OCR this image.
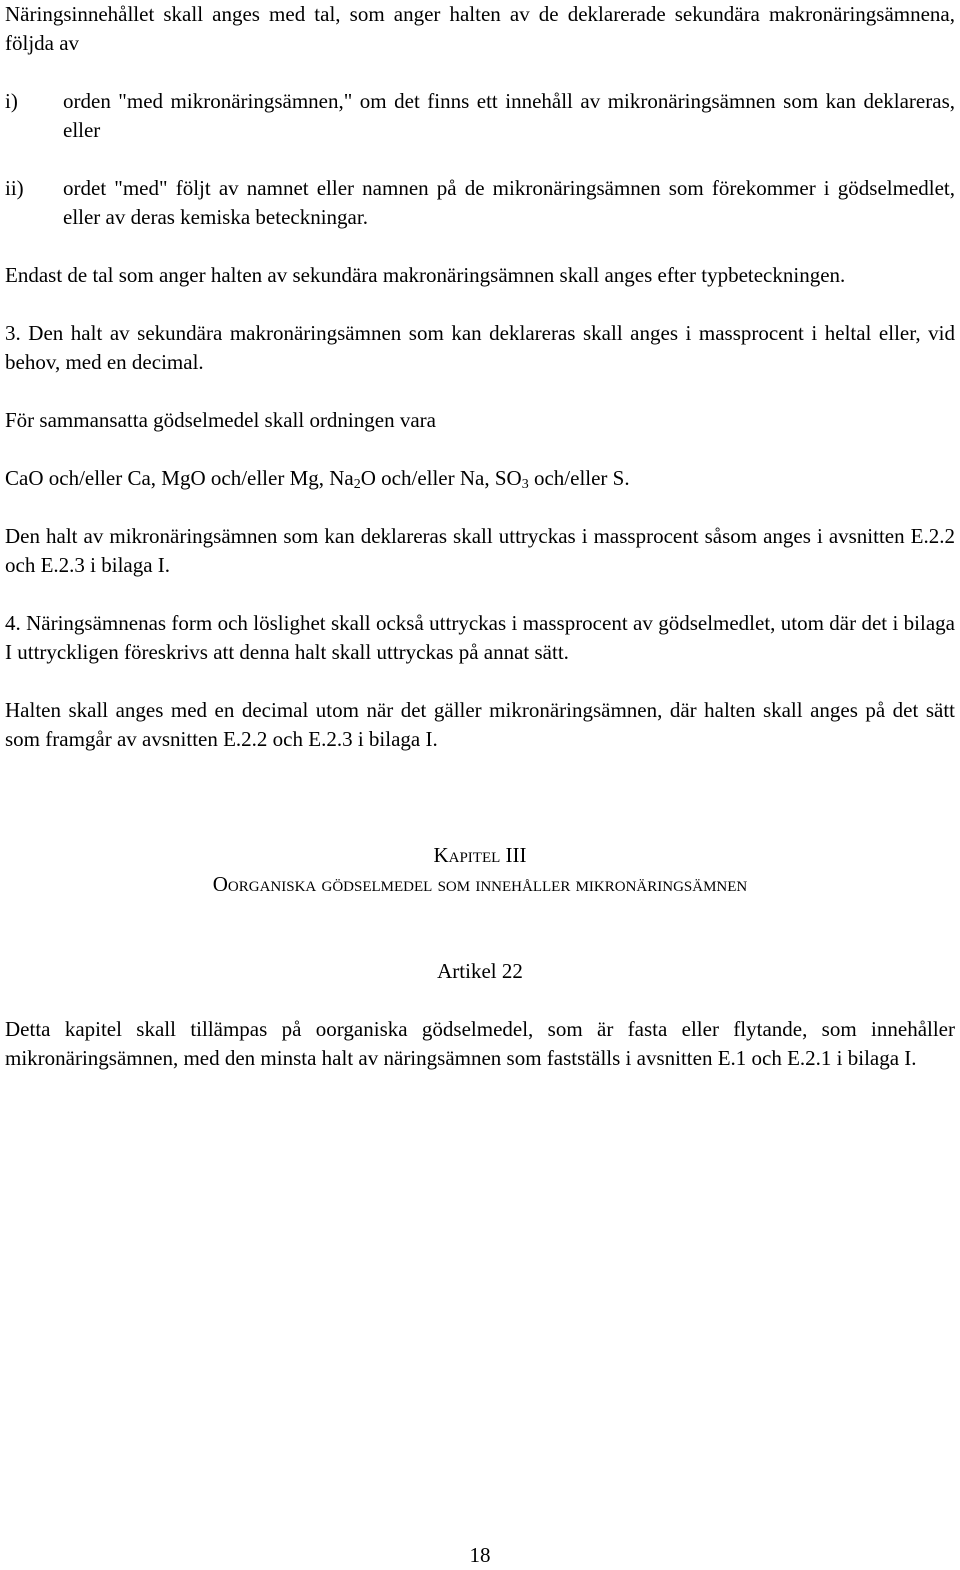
Näringsinnehållet skall anges med tal, som anger halten av de deklarerade sekundära makronäringsämnena, följda av

i)	orden "med mikronäringsämnen," om det finns ett innehåll av mikronäringsämnen som kan deklareras, eller
ii)	ordet "med" följt av namnet eller namnen på de mikronäringsämnen som förekommer i gödselmedlet, eller av deras kemiska beteckningar.

Endast de tal som anger halten av sekundära makronäringsämnen skall anges efter typbeteckningen.

3. Den halt av sekundära makronäringsämnen som kan deklareras skall anges i massprocent i heltal eller, vid behov, med en decimal.

För sammansatta gödselmedel skall ordningen vara

CaO och/eller Ca, MgO och/eller Mg, $Na_2O$ och/eller Na, $SO_3$ och/eller S.

Den halt av mikronäringsämnen som kan deklareras skall uttryckas i massprocent såsom anges i avsnitten E.2.2 och E.2.3 i bilaga I.

4. Näringsämnenas form och löslighet skall också uttryckas i massprocent av gödselmedlet, utom där det i bilaga I uttryckligen föreskrivs att denna halt skall uttryckas på annat sätt.

Halten skall anges med en decimal utom när det gäller mikronäringsämnen, där halten skall anges på det sätt som framgår av avsnitten E.2.2 och E.2.3 i bilaga I.

Kapitel III

Oorganiska gödselmedel som innehåller mikronäringsämnen

Artikel 22

Detta kapitel skall tillämpas på oorganiska gödselmedel, som är fasta eller flytande, som innehåller mikronäringsämnen, med den minsta halt av näringsämnen som fastställs i avsnitten E.1 och E.2.1 i bilaga I.

18
